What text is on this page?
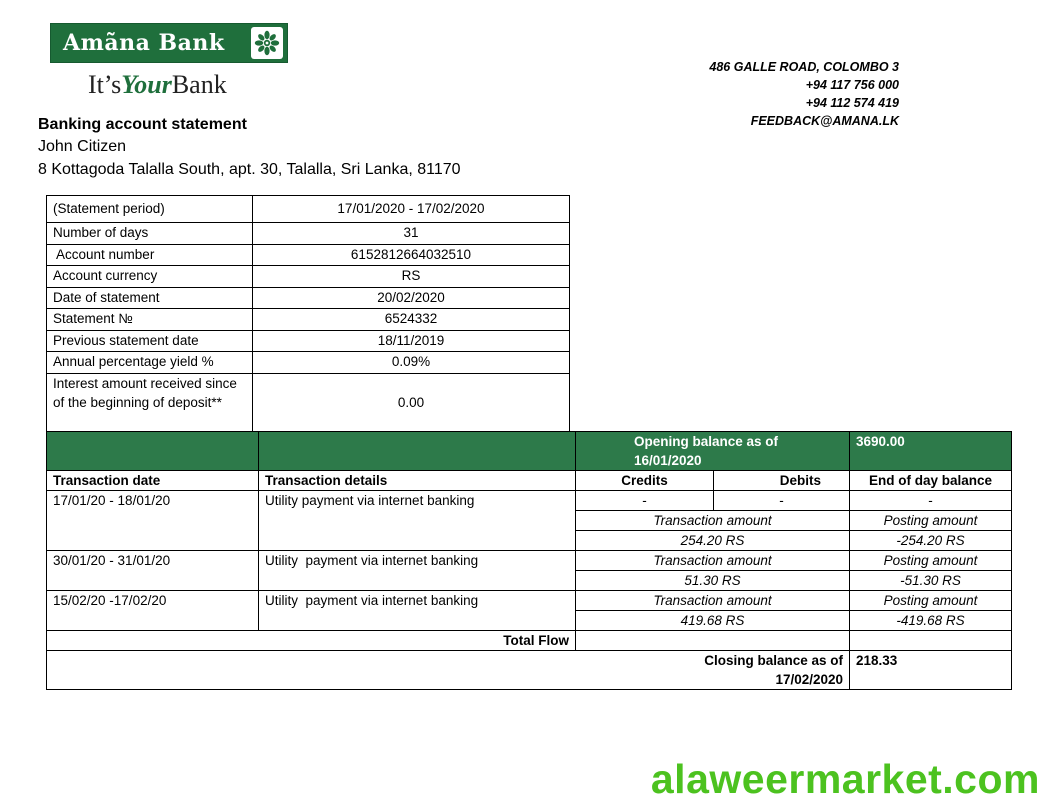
Amãna Bank
It’sYourBank
486 GALLE ROAD, COLOMBO 3
+94 117 756 000
+94 112 574 419
FEEDBACK@AMANA.LK
Banking account statement
John Citizen
8 Kottagoda Talalla South, apt. 30, Talalla, Sri Lanka, 81170
(Statement period)	17/01/2020 - 17/02/2020
Number of days	31
Account number	6152812664032510
Account currency	RS
Date of statement	20/02/2020
Statement №	6524332
Previous statement date	18/11/2019
Annual percentage yield %	0.09%
Interest amount received since of the beginning of deposit**	0.00
		Opening balance as of 16/01/2020		3690.00
Transaction date	Transaction details	Credits	Debits	End of day balance
17/01/20 - 18/01/20	Utility payment via internet banking	-	-	-
		Transaction amount		Posting amount
		254.20 RS		-254.20 RS
30/01/20 - 31/01/20	Utility  payment via internet banking	Transaction amount		Posting amount
		51.30 RS		-51.30 RS
15/02/20 -17/02/20	Utility  payment via internet banking	Transaction amount		Posting amount
		419.68 RS		-419.68 RS
Total Flow				
Closing balance as of 17/02/2020				218.33
alaweermarket.com
